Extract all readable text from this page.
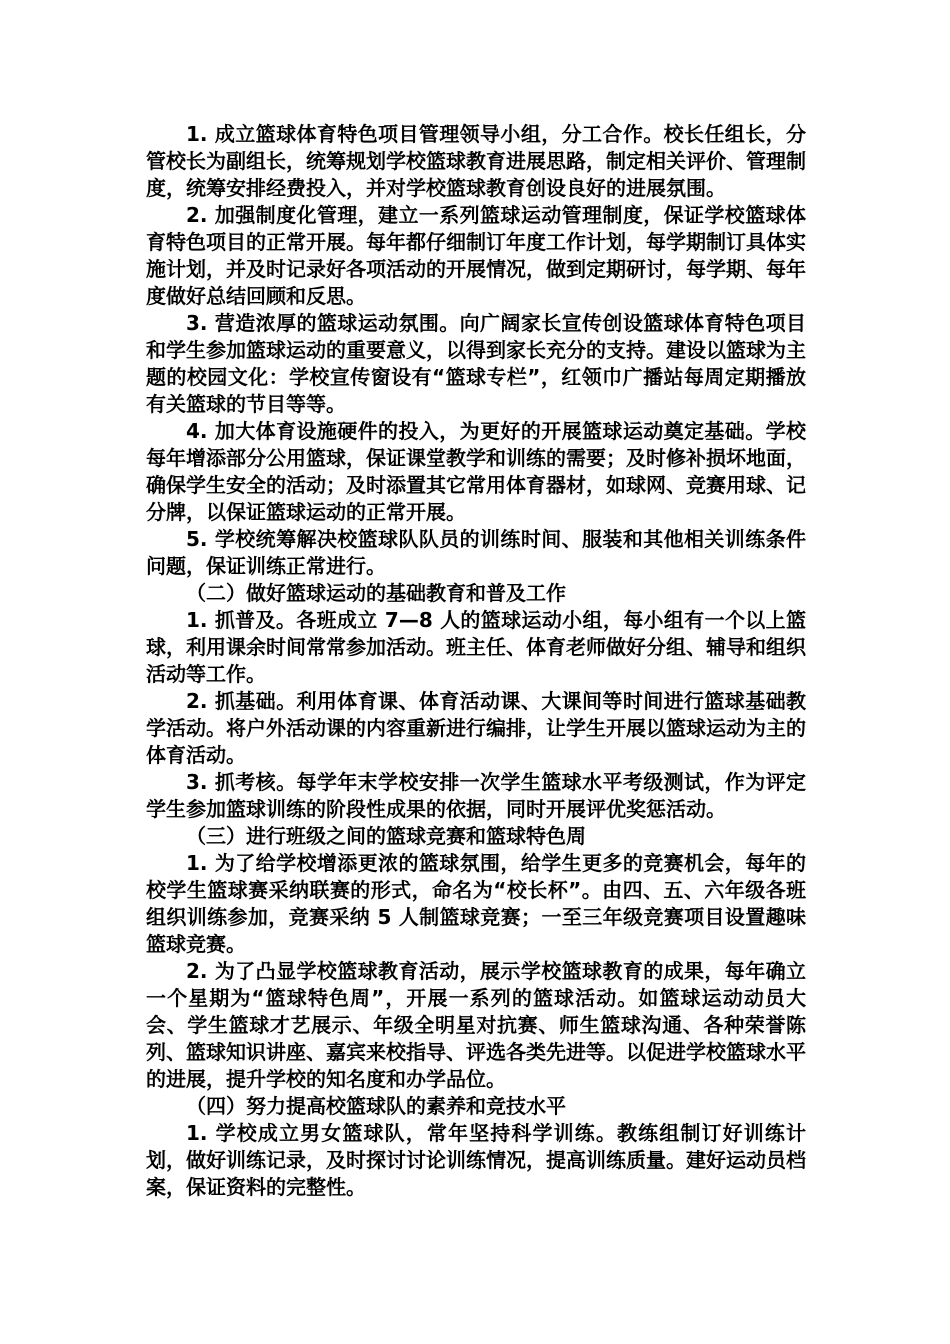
1. 成立篮球体育特色项目管理领导小组，分工合作。校长任组长，分管校长为副组长，统筹规划学校篮球教育进展思路，制定相关评价、管理制度，统筹安排经费投入，并对学校篮球教育创设良好的进展氛围。

2. 加强制度化管理，建立一系列篮球运动管理制度，保证学校篮球体育特色项目的正常开展。每年都仔细制订年度工作计划，每学期制订具体实施计划，并及时记录好各项活动的开展情况，做到定期研讨，每学期、每年度做好总结回顾和反思。

3. 营造浓厚的篮球运动氛围。向广阔家长宣传创设篮球体育特色项目和学生参加篮球运动的重要意义，以得到家长充分的支持。建设以篮球为主题的校园文化：学校宣传窗设有“篮球专栏”，红领巾广播站每周定期播放有关篮球的节目等等。

4. 加大体育设施硬件的投入，为更好的开展篮球运动奠定基础。学校每年增添部分公用篮球，保证课堂教学和训练的需要；及时修补损坏地面，确保学生安全的活动；及时添置其它常用体育器材，如球网、竞赛用球、记分牌，以保证篮球运动的正常开展。

5. 学校统筹解决校篮球队队员的训练时间、服装和其他相关训练条件问题，保证训练正常进行。

（二）做好篮球运动的基础教育和普及工作

1. 抓普及。各班成立 7—8 人的篮球运动小组，每小组有一个以上篮球，利用课余时间常常参加活动。班主任、体育老师做好分组、辅导和组织活动等工作。

2. 抓基础。利用体育课、体育活动课、大课间等时间进行篮球基础教学活动。将户外活动课的内容重新进行编排，让学生开展以篮球运动为主的体育活动。

3. 抓考核。每学年末学校安排一次学生篮球水平考级测试，作为评定学生参加篮球训练的阶段性成果的依据，同时开展评优奖惩活动。

（三）进行班级之间的篮球竞赛和篮球特色周

1. 为了给学校增添更浓的篮球氛围，给学生更多的竞赛机会，每年的校学生篮球赛采纳联赛的形式，命名为“校长杯”。由四、五、六年级各班组织训练参加，竞赛采纳 5 人制篮球竞赛；一至三年级竞赛项目设置趣味篮球竞赛。

2. 为了凸显学校篮球教育活动，展示学校篮球教育的成果，每年确立一个星期为“篮球特色周”，开展一系列的篮球活动。如篮球运动动员大会、学生篮球才艺展示、年级全明星对抗赛、师生篮球沟通、各种荣誉陈列、篮球知识讲座、嘉宾来校指导、评选各类先进等。以促进学校篮球水平的进展，提升学校的知名度和办学品位。

（四）努力提高校篮球队的素养和竞技水平

1. 学校成立男女篮球队，常年坚持科学训练。教练组制订好训练计划，做好训练记录，及时探讨讨论训练情况，提高训练质量。建好运动员档案，保证资料的完整性。
